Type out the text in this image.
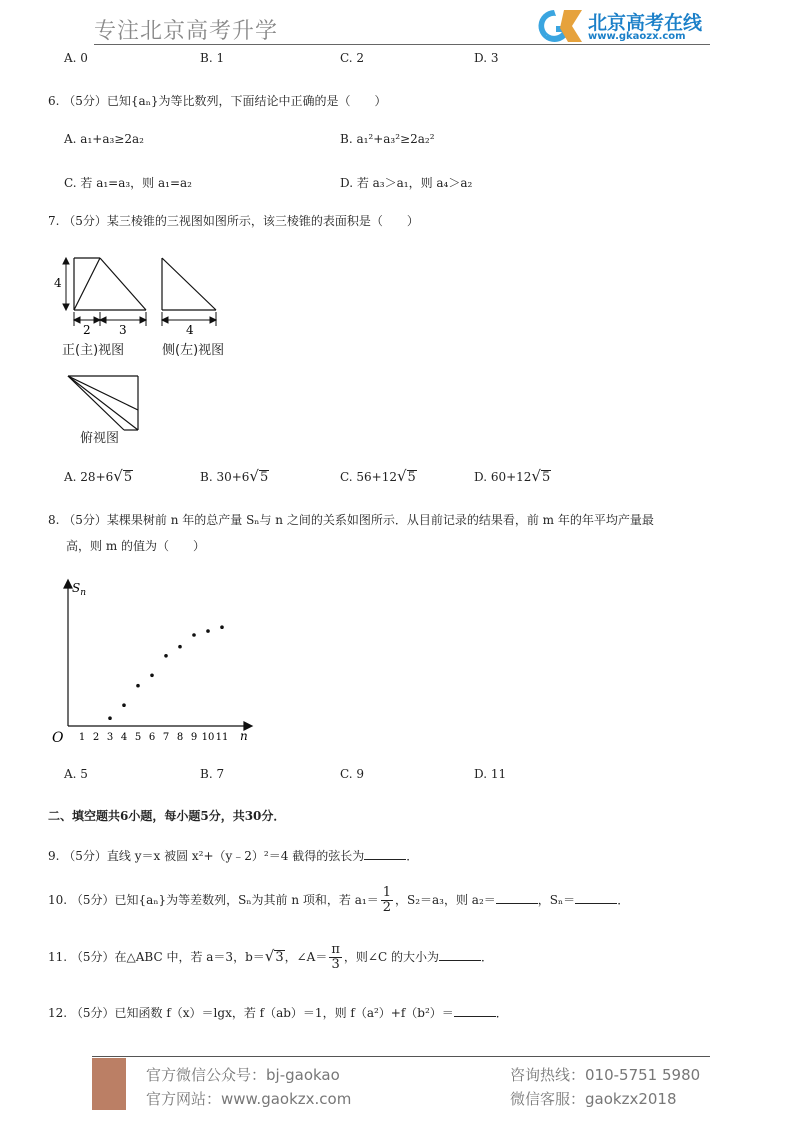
专注北京高考升学	G
北京高考在线
www.gkaozx.com
A. 0	B. 1	C. 2	D. 3
6. （5分）已知{aₙ}为等比数列，下面结论中正确的是（　　）
A. a₁+a₃≥2a₂	B. a₁²+a₃²≥2a₂²
C. 若 a₁=a₃，则 a₁=a₂	D. 若 a₃＞a₁，则 a₄＞a₂
7. （5分）某三棱锥的三视图如图所示，该三棱锥的表面积是（　　）
4
2 3	4
正(主)视图	侧(左)视图
俯视图
A. 28+6√5	B. 30+6√5	C. 56+12√5	D. 60+12√5
8. （5分）某棵果树前 n 年的总产量 Sₙ与 n 之间的关系如图所示．从目前记录的结果看，前 m 年的年平均产量最
高，则 m 的值为（　　）
$S_n$
n
O 1 2 3 4 5 6 7 8 9 10 11
A. 5	B. 7	C. 9	D. 11
二、填空题共6小题，每小题5分，共30分．
9. （5分）直线 y＝x 被圆 x²+（y﹣2）²＝4 截得的弦长为	．
10. （5分）已知{aₙ}为等差数列，Sₙ为其前 n 项和，若 $a_1= \frac{1}{2}$ ，S₂＝a₃，则 a₂＝	，Sₙ＝	．
11. （5分）在△ABC 中，若 a＝3，b＝√3，∠A＝ $\frac{\pi}{3}$ ，则∠C 的大小为	．
12. （5分）已知函数 f（x）＝lgx，若 f（ab）＝1，则 f（a²）+f（b²）＝	．
官方微信公众号：bj-gaokao
官方网站：www.gaokzx.com
咨询热线：010-5751 5980
微信客服：gaokzx2018
